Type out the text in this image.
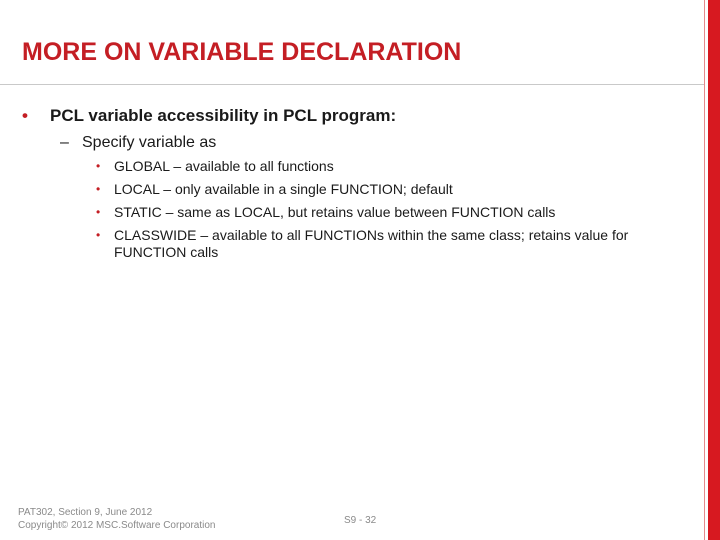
MORE ON VARIABLE DECLARATION
• PCL variable accessibility in PCL program:
– Specify variable as
• GLOBAL – available to all functions
• LOCAL – only available in a single FUNCTION; default
• STATIC – same as LOCAL, but retains value between FUNCTION calls
• CLASSWIDE – available to all FUNCTIONs within the same class; retains value for FUNCTION calls
PAT302, Section 9, June 2012
Copyright© 2012 MSC.Software Corporation	S9 - 32
